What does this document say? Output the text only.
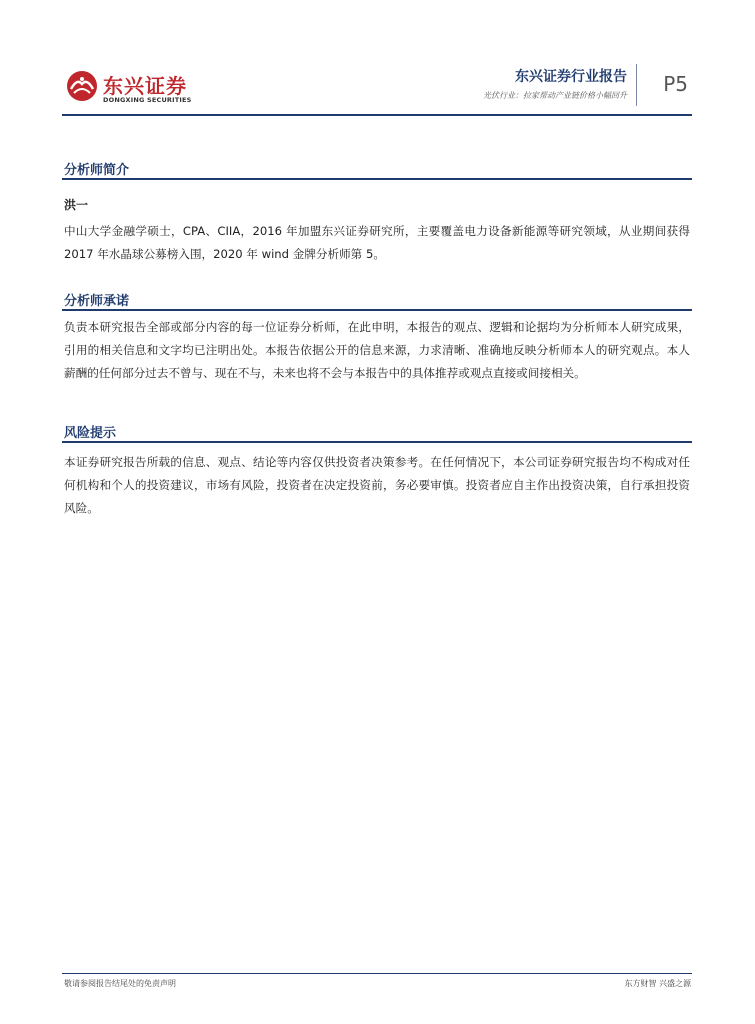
东兴证券
DONGXING SECURITIES
东兴证券行业报告
光伏行业：拉家帮动产业链价格小幅回升 P5
分析师简介
洪一
中山大学金融学硕士，CPA、CIIA，2016 年加盟东兴证券研究所，主要覆盖电力设备新能源等研究领域，从业期间获得 2017 年水晶球公募榜入围，2020 年 wind 金牌分析师第 5。
分析师承诺
负责本研究报告全部或部分内容的每一位证券分析师，在此申明，本报告的观点、逻辑和论据均为分析师本人研究成果，引用的相关信息和文字均已注明出处。本报告依据公开的信息来源，力求清晰、准确地反映分析师本人的研究观点。本人薪酬的任何部分过去不曾与、现在不与，未来也将不会与本报告中的具体推荐或观点直接或间接相关。
风险提示
本证券研究报告所载的信息、观点、结论等内容仅供投资者决策参考。在任何情况下，本公司证券研究报告均不构成对任何机构和个人的投资建议，市场有风险，投资者在决定投资前，务必要审慎。投资者应自主作出投资决策，自行承担投资风险。
敬请参阅报告结尾处的免责声明	东方财智 兴盛之源
